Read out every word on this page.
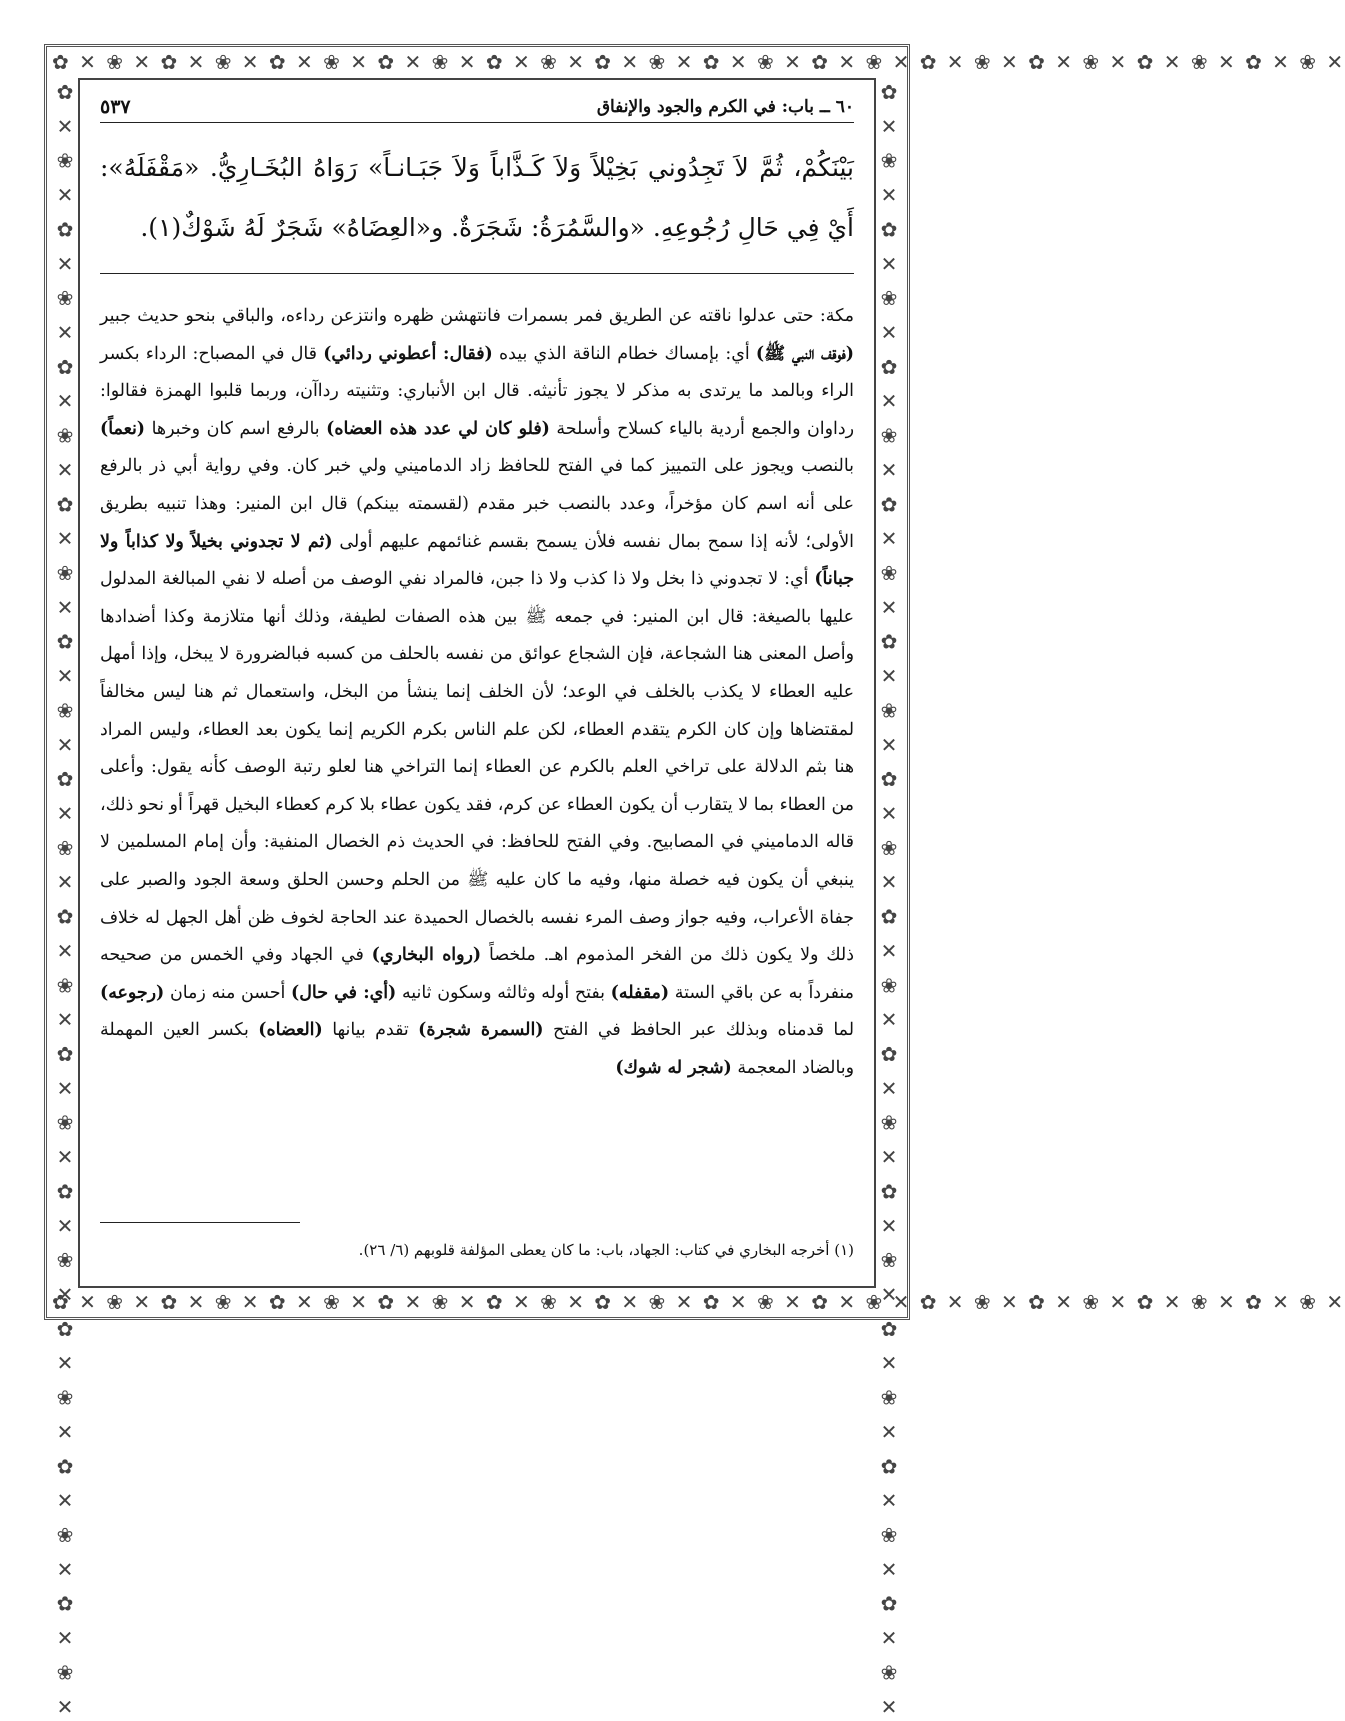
✿ ✕ ❀ ✕ ✿ ✕ ❀ ✕ ✿ ✕ ❀ ✕ ✿ ✕ ❀ ✕ ✿ ✕ ❀ ✕ ✿ ✕ ❀ ✕ ✿ ✕ ❀ ✕ ✿ ✕ ❀ ✕ ✿ ✕ ❀ ✕ ✿ ✕ ❀ ✕ ✿ ✕ ❀ ✕ ✿ ✕ ❀ ✕
✿ ✕ ❀ ✕ ✿ ✕ ❀ ✕ ✿ ✕ ❀ ✕ ✿ ✕ ❀ ✕ ✿ ✕ ❀ ✕ ✿ ✕ ❀ ✕ ✿ ✕ ❀ ✕ ✿ ✕ ❀ ✕ ✿ ✕ ❀ ✕ ✿ ✕ ❀ ✕ ✿ ✕ ❀ ✕ ✿ ✕ ❀ ✕
✿ ✕ ❀ ✕ ✿ ✕ ❀ ✕ ✿ ✕ ❀ ✕ ✿ ✕ ❀ ✕ ✿ ✕ ❀ ✕ ✿ ✕ ❀ ✕ ✿ ✕ ❀ ✕ ✿ ✕ ❀ ✕ ✿ ✕ ❀ ✕ ✿ ✕ ❀ ✕ ✿ ✕ ❀ ✕ ✿ ✕ ❀ ✕	✿ ✕ ❀ ✕ ✿ ✕ ❀ ✕ ✿ ✕ ❀ ✕ ✿ ✕ ❀ ✕ ✿ ✕ ❀ ✕ ✿ ✕ ❀ ✕ ✿ ✕ ❀ ✕ ✿ ✕ ❀ ✕ ✿ ✕ ❀ ✕ ✿ ✕ ❀ ✕ ✿ ✕ ❀ ✕ ✿ ✕ ❀ ✕
٦٠ ــ باب: في الكرم والجود والإنفاق
٥٣٧

بَيْنَكُمْ، ثُمَّ لاَ تَجِدُوني بَخِيْلاً وَلاَ كَـذَّاباً وَلاَ جَبَـانـاً» رَوَاهُ البُخَـارِيُّ. «مَقْفَلَهُ»: أَيْ فِي حَالِ رُجُوعِهِ. «والسَّمُرَةُ: شَجَرَةٌ. و«العِضَاهُ» شَجَرٌ لَهُ شَوْكٌ(١).

مكة: حتى عدلوا ناقته عن الطريق فمر بسمرات فانتهشن ظهره وانتزعن رداءه، والباقي بنحو حديث جبير (فوقف النبي ﷺ) أي: بإمساك خطام الناقة الذي بيده (فقال: أعطوني ردائي) قال في المصباح: الرداء بكسر الراء وبالمد ما يرتدى به مذكر لا يجوز تأنيثه. قال ابن الأنباري: وتثنيته رداآن، وربما قلبوا الهمزة فقالوا: رداوان والجمع أردية بالياء كسلاح وأسلحة (فلو كان لي عدد هذه العضاه) بالرفع اسم كان وخبرها (نعماً) بالنصب ويجوز على التمييز كما في الفتح للحافظ زاد الدماميني ولي خبر كان. وفي رواية أبي ذر بالرفع على أنه اسم كان مؤخراً، وعدد بالنصب خبر مقدم (لقسمته بينكم) قال ابن المنير: وهذا تنبيه بطريق الأولى؛ لأنه إذا سمح بمال نفسه فلأن يسمح بقسم غنائمهم عليهم أولى (ثم لا تجدوني بخيلاً ولا كذاباً ولا جباناً) أي: لا تجدوني ذا بخل ولا ذا كذب ولا ذا جبن، فالمراد نفي الوصف من أصله لا نفي المبالغة المدلول عليها بالصيغة: قال ابن المنير: في جمعه ﷺ بين هذه الصفات لطيفة، وذلك أنها متلازمة وكذا أضدادها وأصل المعنى هنا الشجاعة، فإن الشجاع عوائق من نفسه بالحلف من كسبه فبالضرورة لا يبخل، وإذا أمهل عليه العطاء لا يكذب بالخلف في الوعد؛ لأن الخلف إنما ينشأ من البخل، واستعمال ثم هنا ليس مخالفاً لمقتضاها وإن كان الكرم يتقدم العطاء، لكن علم الناس بكرم الكريم إنما يكون بعد العطاء، وليس المراد هنا بثم الدلالة على تراخي العلم بالكرم عن العطاء إنما التراخي هنا لعلو رتبة الوصف كأنه يقول: وأعلى من العطاء بما لا يتقارب أن يكون العطاء عن كرم، فقد يكون عطاء بلا كرم كعطاء البخيل قهراً أو نحو ذلك، قاله الدماميني في المصابيح. وفي الفتح للحافظ: في الحديث ذم الخصال المنفية: وأن إمام المسلمين لا ينبغي أن يكون فيه خصلة منها، وفيه ما كان عليه ﷺ من الحلم وحسن الحلق وسعة الجود والصبر على جفاة الأعراب، وفيه جواز وصف المرء نفسه بالخصال الحميدة عند الحاجة لخوف ظن أهل الجهل له خلاف ذلك ولا يكون ذلك من الفخر المذموم اهـ. ملخصاً (رواه البخاري) في الجهاد وفي الخمس من صحيحه منفرداً به عن باقي الستة (مقفله) بفتح أوله وثالثه وسكون ثانيه (أي: في حال) أحسن منه زمان (رجوعه) لما قدمناه وبذلك عبر الحافظ في الفتح (السمرة شجرة) تقدم بيانها (العضاه) بكسر العين المهملة وبالضاد المعجمة (شجر له شوك)

(١) أخرجه البخاري في كتاب: الجهاد، باب: ما كان يعطى المؤلفة قلوبهم (٦/ ٢٦).
